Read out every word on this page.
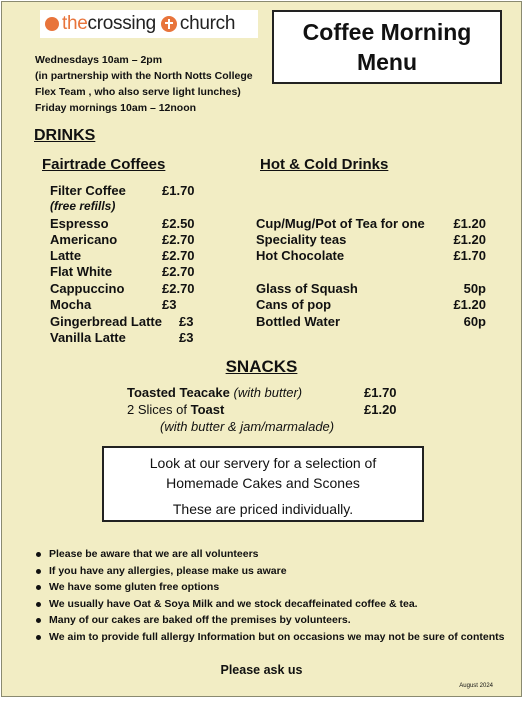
the crossing church	Coffee Morning
Menu
Wednesdays 10am – 2pm
(in partnership with the North Notts College
Flex Team , who also serve light lunches)
Friday mornings 10am – 12noon
DRINKS
Fairtrade Coffees	Hot & Cold Drinks
Filter Coffee	£1.70
(free refills)
Espresso	£2.50
Americano	£2.70
Latte	£2.70
Flat White	£2.70
Cappuccino	£2.70
Mocha	£3
Gingerbread Latte £3
Vanilla Latte	£3
Cup/Mug/Pot of Tea for one £1.20
Speciality teas	£1.20
Hot Chocolate	£1.70
Glass of Squash	50p
Cans of pop	£1.20
Bottled Water	60p
SNACKS
Toasted Teacake (with butter)	£1.70
2 Slices of Toast	£1.20
(with butter & jam/marmalade)
Look at our servery for a selection of
Homemade Cakes and Scones
These are priced individually.
Please be aware that we are all volunteers
If you have any allergies, please make us aware
We have some gluten free options
We usually have Oat & Soya Milk and we stock decaffeinated coffee & tea.
Many of our cakes are baked off the premises by volunteers.
We aim to provide full allergy Information but on occasions we may not be sure of contents
Please ask us
August 2024
